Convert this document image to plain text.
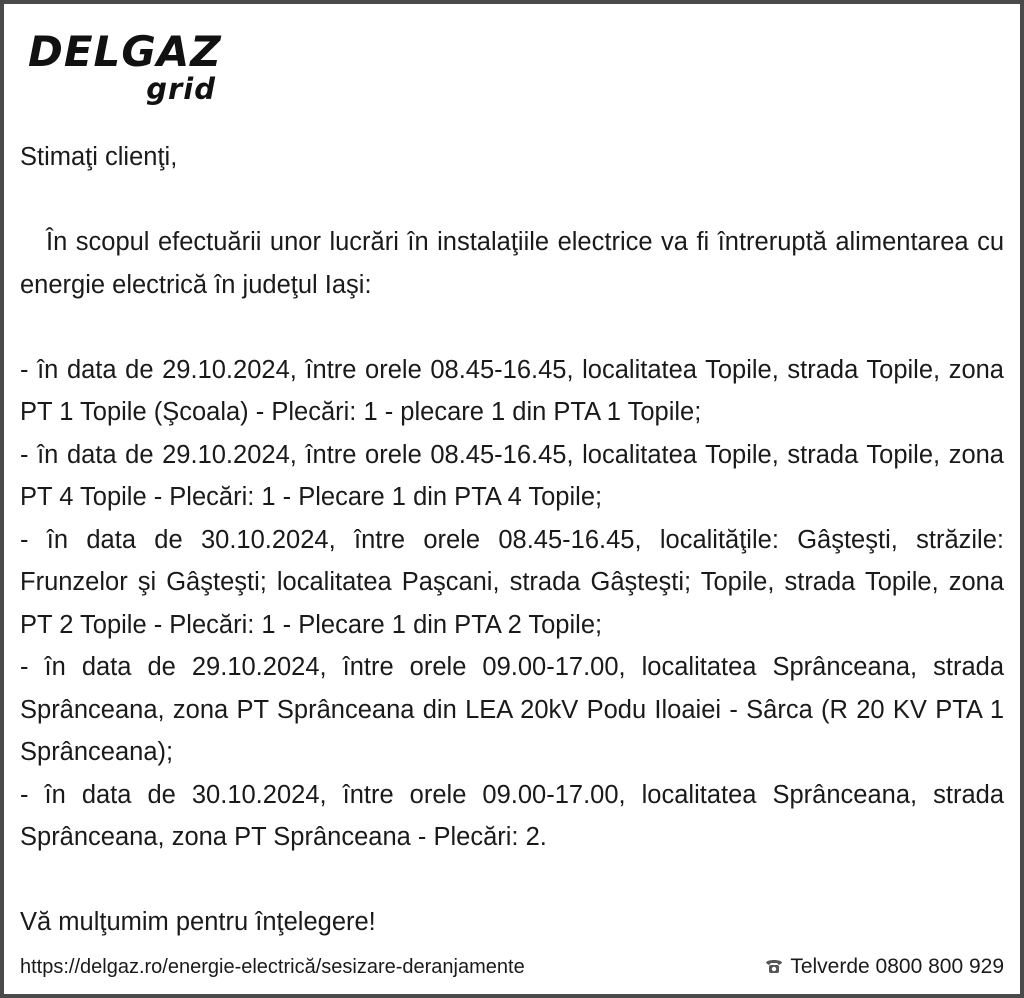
DELGAZ
grid

Stimaţi clienţi,

În scopul efectuării unor lucrări în instalaţiile electrice va fi întreruptă alimentarea cu energie electrică în judeţul Iaşi:

- în data de 29.10.2024, între orele 08.45-16.45, localitatea Topile, strada Topile, zona PT 1 Topile (Şcoala) - Plecări: 1 - plecare 1 din PTA 1 Topile;
- în data de 29.10.2024, între orele 08.45-16.45, localitatea Topile, strada Topile, zona PT 4 Topile - Plecări: 1 - Plecare 1 din PTA 4 Topile;
- în data de 30.10.2024, între orele 08.45-16.45, localităţile: Gâşteşti, străzile: Frunzelor şi Gâşteşti; localitatea Paşcani, strada Gâşteşti; Topile, strada Topile, zona PT 2 Topile - Plecări: 1 - Plecare 1 din PTA 2 Topile;
- în data de 29.10.2024, între orele 09.00-17.00, localitatea Sprânceana, strada Sprânceana, zona PT Sprânceana din LEA 20kV Podu Iloaiei - Sârca (R 20 KV PTA 1 Sprânceana);
- în data de 30.10.2024, între orele 09.00-17.00, localitatea Sprânceana, strada Sprânceana, zona PT Sprânceana - Plecări: 2.

Vă mulţumim pentru înţelegere!

https://delgaz.ro/energie-electrică/sesizare-deranjamente	Telverde 0800 800 929
